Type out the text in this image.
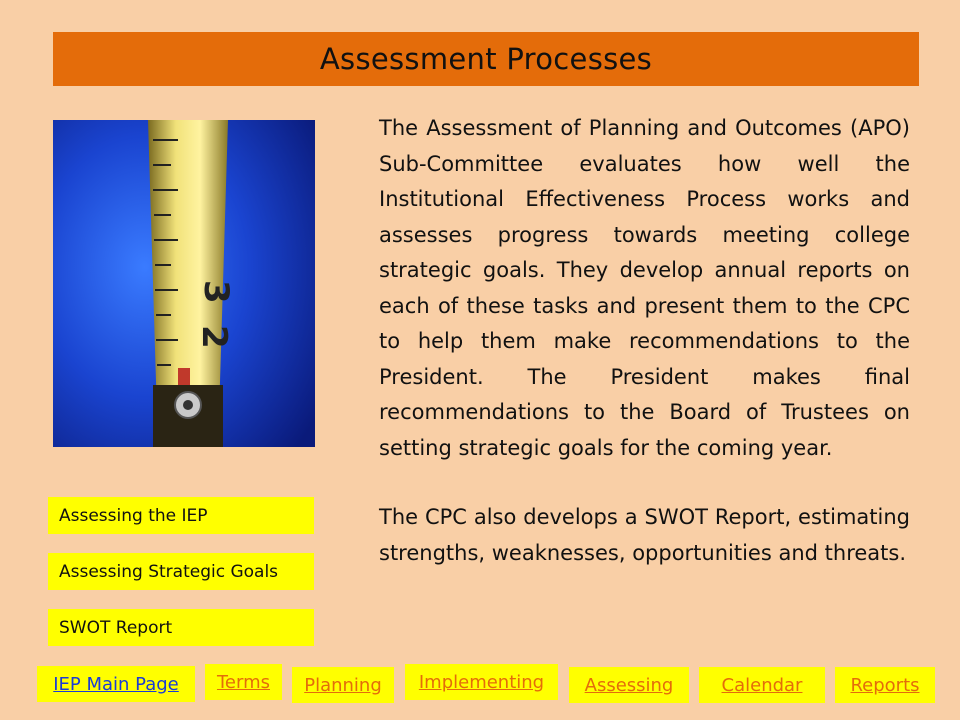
Assessment Processes
3
2

The Assessment of Planning and Outcomes (APO) Sub-Committee evaluates how well the Institutional Effectiveness Process works and assesses progress towards meeting college strategic goals. They develop annual reports on each of these tasks and present them to the CPC to help them make recommendations to the President. The President makes final recommendations to the Board of Trustees on setting strategic goals for the coming year.

The CPC also develops a SWOT Report, estimating strengths, weaknesses, opportunities and threats.

Assessing the IEP
Assessing Strategic Goals
SWOT Report
IEP Main Page	Terms	Planning	Implementing	Assessing	Calendar	Reports
